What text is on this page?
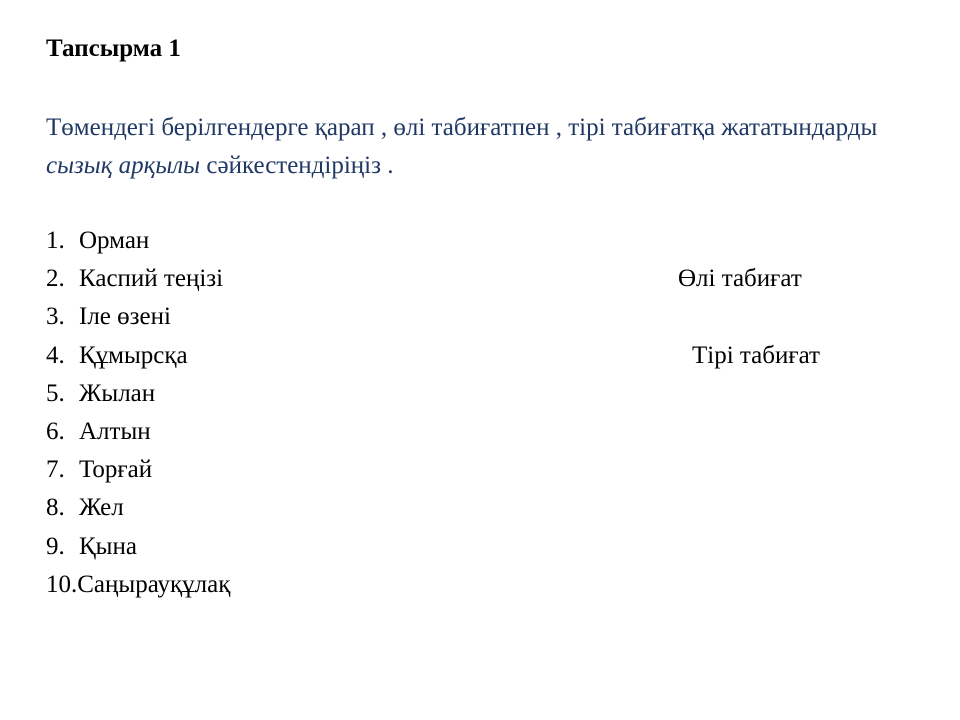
Тапсырма 1
Төмендегі берілгендерге қарап , өлі табиғатпен , тірі табиғатқа жататындарды сызық арқылы сәйкестендіріңіз .
1. Орман
2. Каспий теңізі
3. Іле өзені
4. Құмырсқа
5. Жылан
6. Алтын
7. Торғай
8. Жел
9. Қына
10. Саңырауқұлақ
Өлі табиғат
Тірі табиғат
